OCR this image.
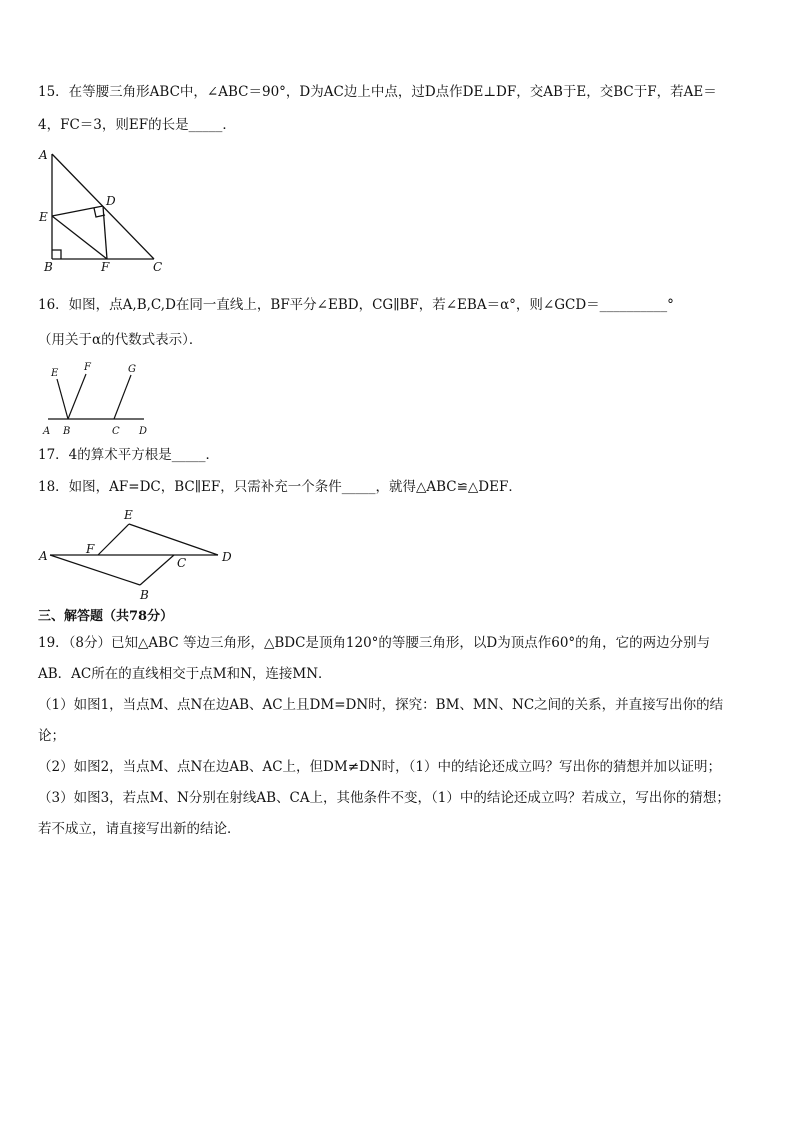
15．在等腰三角形ABC中，∠ABC＝90°，D为AC边上中点，过D点作DE⊥DF，交AB于E，交BC于F，若AE＝
4，FC＝3，则EF的长是_____．
A
E
D
B	F	C
16．如图，点A,B,C,D在同一直线上，BF平分∠EBD，CG∥BF，若∠EBA＝α°，则∠GCD＝__________°
（用关于α的代数式表示）．
E
F	G
A B	C D
17．4的算术平方根是_____．
18．如图，AF=DC，BC∥EF，只需补充一个条件_____，就得△ABC≌△DEF．
A	F
E
C	D
B
三、解答题（共78分）
19．（8分）已知△ABC 等边三角形，△BDC是顶角120°的等腰三角形，以D为顶点作60°的角，它的两边分别与
AB．AC所在的直线相交于点M和N，连接MN．
（1）如图1，当点M、点N在边AB、AC上且DM=DN时，探究：BM、MN、NC之间的关系，并直接写出你的结
论；
（2）如图2，当点M、点N在边AB、AC上，但DM≠DN时，（1）中的结论还成立吗？写出你的猜想并加以证明；
（3）如图3，若点M、N分别在射线AB、CA上，其他条件不变，（1）中的结论还成立吗？若成立，写出你的猜想；
若不成立，请直接写出新的结论．
